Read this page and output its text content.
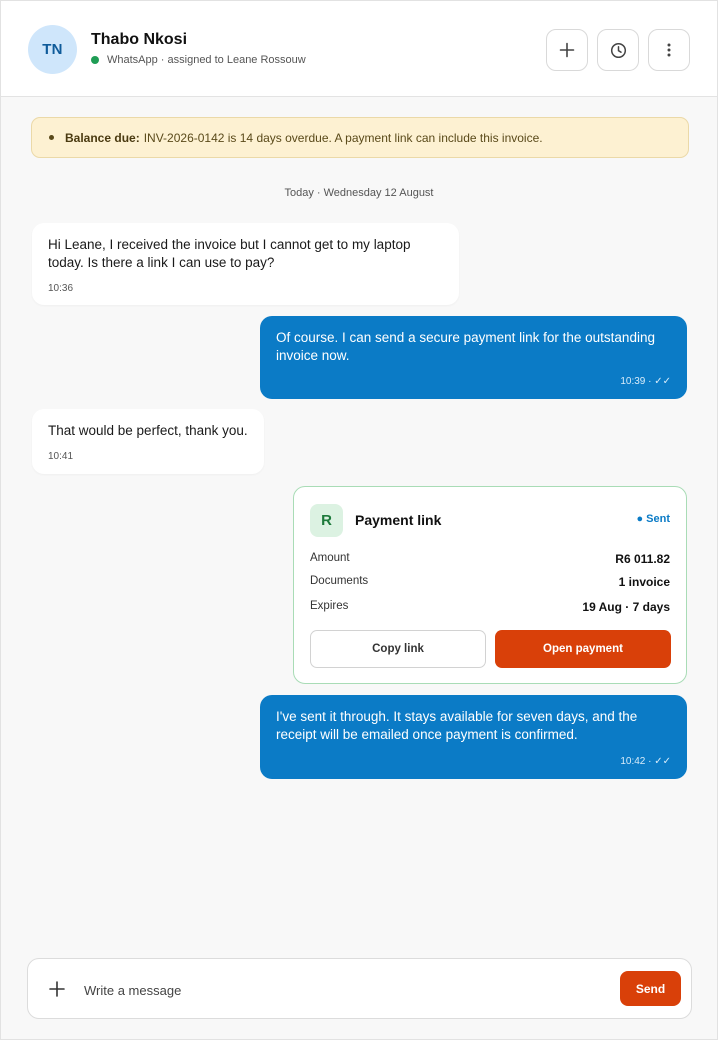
TN
Thabo Nkosi
WhatsApp · assigned to Leane Rossouw
Balance due: INV-2026-0142 is 14 days overdue. A payment link can include this invoice.
Today · Wednesday 12 August
Hi Leane, I received the invoice but I cannot get to my laptop today. Is there a link I can use to pay?
10:36
Of course. I can send a secure payment link for the outstanding invoice now.
10:39 · ✓✓
That would be perfect, thank you.
10:41
R	Payment link	● Sent
Amount	R6 011.82
Documents	1 invoice
Expires	19 Aug · 7 days
Copy link	Open payment
I've sent it through. It stays available for seven days, and the receipt will be emailed once payment is confirmed.
10:42 · ✓✓
Write a message
Send
